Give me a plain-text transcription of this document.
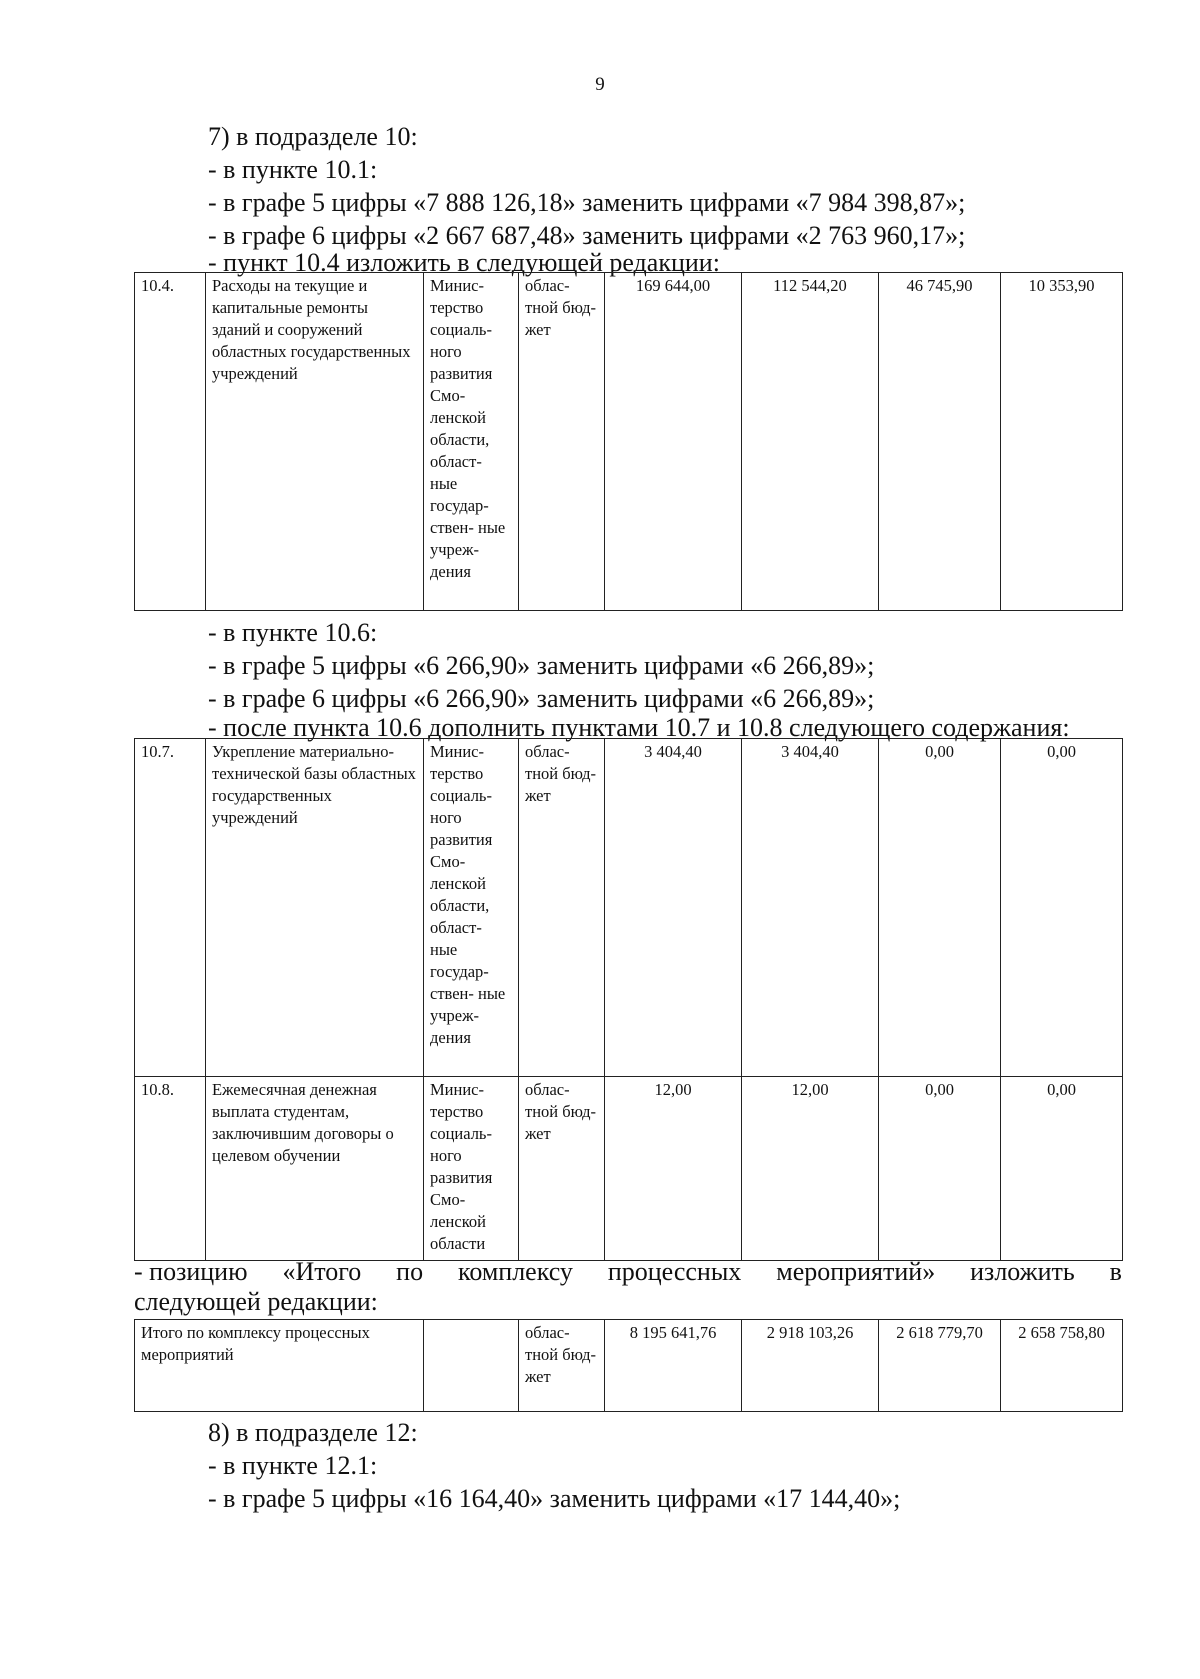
9
7) в подразделе 10:
- в пункте 10.1:
- в графе 5 цифры «7 888 126,18» заменить цифрами «7 984 398,87»;
- в графе 6 цифры «2 667 687,48» заменить цифрами «2 763 960,17»;
- пункт 10.4 изложить в следующей редакции:
10.4.	Расходы на текущие и капитальные ремонты зданий и сооружений областных государственных учреждений	Минис- терство социаль- ного развития Смо- ленской области, област- ные государ- ствен- ные учреж- дения	облас- тной бюд- жет	169 644,00	112 544,20	46 745,90	10 353,90
- в пункте 10.6:
- в графе 5 цифры «6 266,90» заменить цифрами «6 266,89»;
- в графе 6 цифры «6 266,90» заменить цифрами «6 266,89»;
- после пункта 10.6 дополнить пунктами 10.7 и 10.8 следующего содержания:
10.7.	Укрепление материально- технической базы областных государственных учреждений	Минис- терство социаль- ного развития Смо- ленской области, област- ные государ- ствен- ные учреж- дения	облас- тной бюд- жет	3 404,40	3 404,40	0,00	0,00
10.8.	Ежемесячная денежная выплата студентам, заключившим договоры о целевом обучении	Минис- терство социаль- ного развития Смо- ленской области	облас- тной бюд- жет	12,00	12,00	0,00	0,00
- позицию «Итого по комплексу процессных мероприятий» изложить в
следующей редакции:
Итого по комплексу процессных мероприятий		облас- тной бюд- жет	8 195 641,76	2 918 103,26	2 618 779,70	2 658 758,80
8) в подразделе 12:
- в пункте 12.1:
- в графе 5 цифры «16 164,40» заменить цифрами «17 144,40»;
